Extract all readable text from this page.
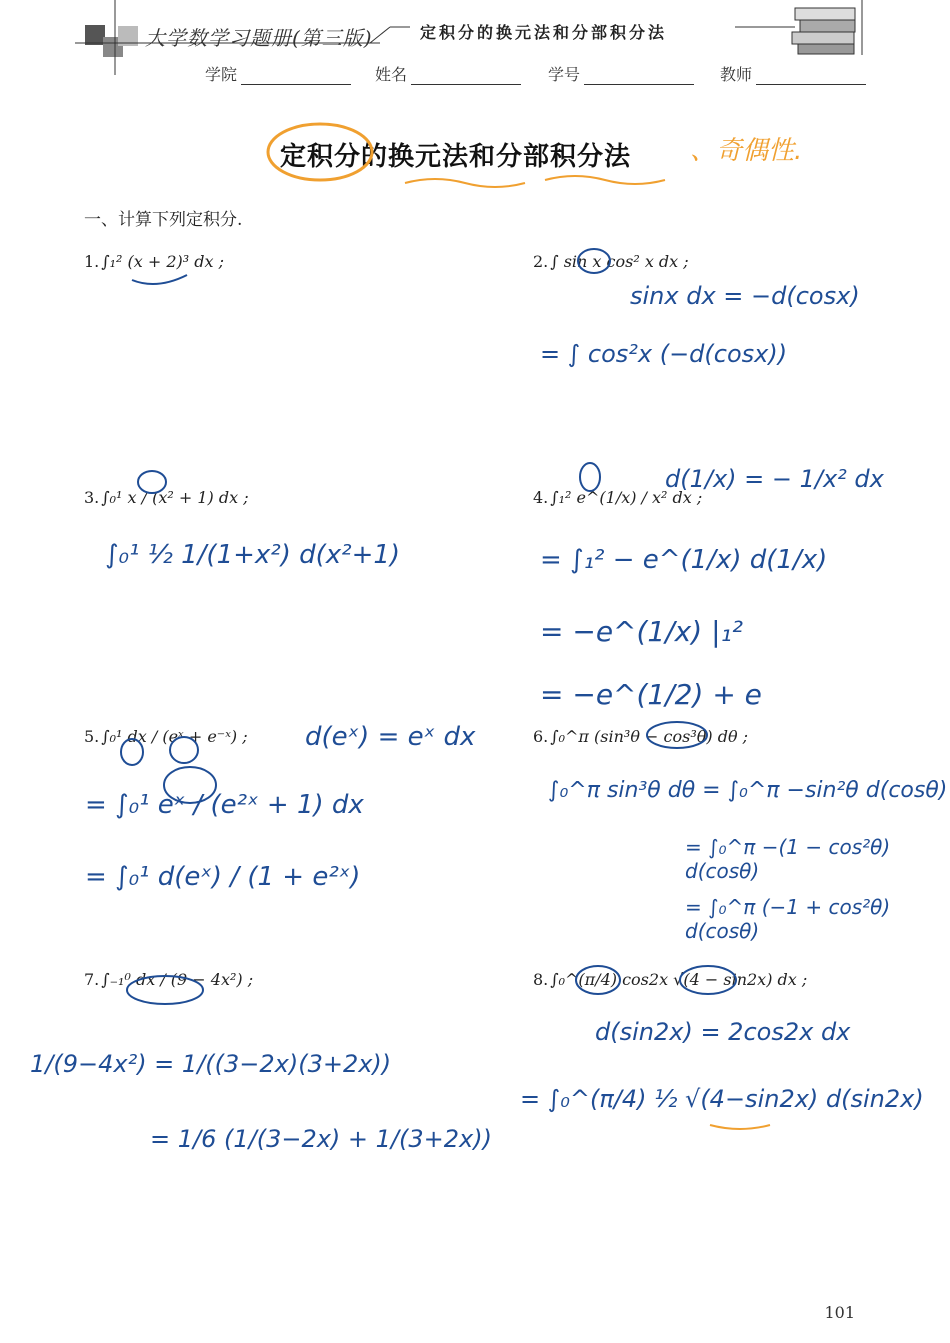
大学数学习题册(第三版)	定积分的换元法和分部积分法
学院	姓名	学号	教师
定积分的换元法和分部积分法 、奇偶性.
一、计算下列定积分.
1. ∫₁² (x + 2)³ dx ;	2. ∫ sin x cos² x dx ;
3. ∫₀¹ x / (x² + 1) dx ;	4. ∫₁² e^(1/x) / x² dx ;
5. ∫₀¹ dx / (eˣ + e⁻ˣ) ;	6. ∫₀^π (sin³θ − cos³θ) dθ ;
7. ∫₋₁⁰ dx / (9 − 4x²) ;	8. ∫₀^(π/4) cos2x √(4 − sin2x) dx ;
sinx dx = −d(cosx)
= ∫ cos²x (−d(cosx))
∫₀¹ ½ 1/(1+x²) d(x²+1)
d(1/x) = − 1/x² dx
= ∫₁² − e^(1/x) d(1/x)
= −e^(1/x) |₁²
= −e^(1/2) + e
d(eˣ) = eˣ dx
= ∫₀¹ eˣ / (e²ˣ + 1) dx
= ∫₀¹ d(eˣ) / (1 + e²ˣ)
∫₀^π sin³θ dθ = ∫₀^π −sin²θ d(cosθ)
= ∫₀^π −(1 − cos²θ) d(cosθ)
= ∫₀^π (−1 + cos²θ) d(cosθ)
1/(9−4x²) = 1/((3−2x)(3+2x))
= 1/6 (1/(3−2x) + 1/(3+2x))
d(sin2x) = 2cos2x dx
= ∫₀^(π/4) ½ √(4−sin2x) d(sin2x)
101
